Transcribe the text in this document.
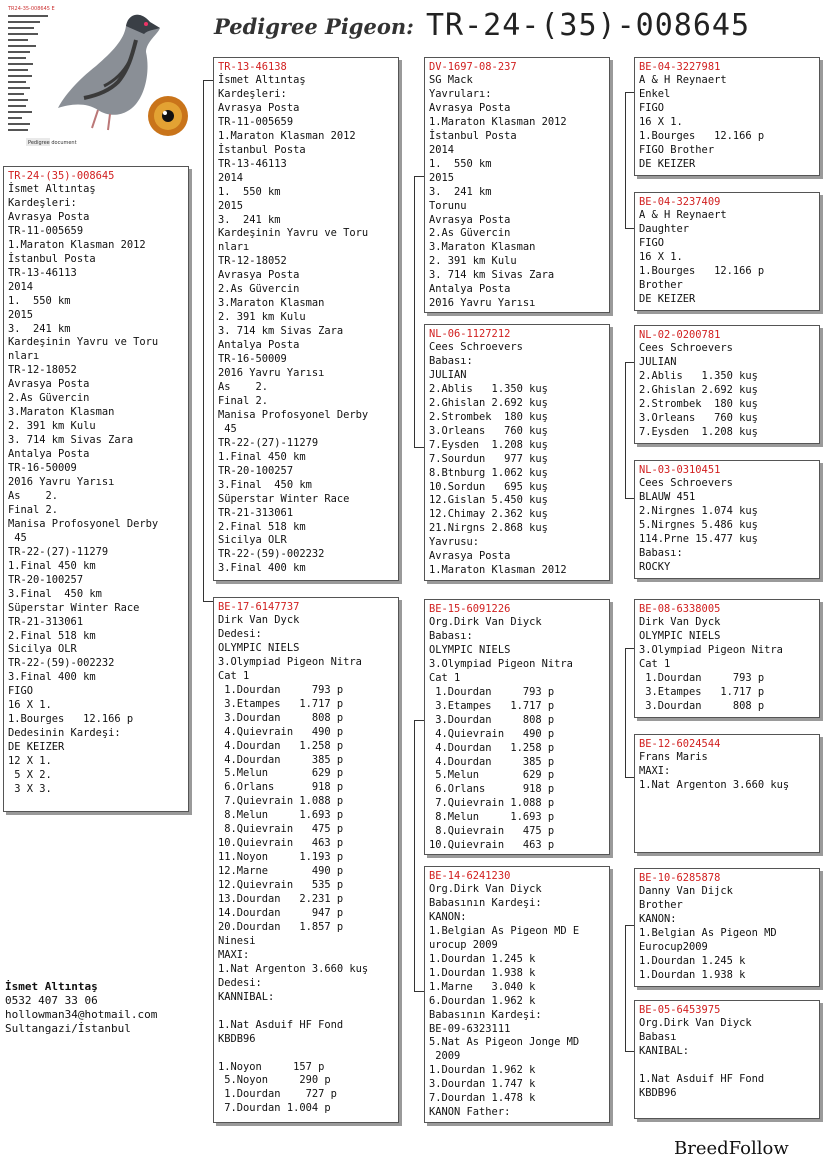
TR24-35-008645 E
Pedigree document
Pedigree Pigeon: TR-24-(35)-008645
TR-24-(35)-008645
İsmet Altıntaş
Kardeşleri:
Avrasya Posta
TR-11-005659
1.Maraton Klasman 2012
İstanbul Posta
TR-13-46113
2014
1.  550 km
2015
3.  241 km
Kardeşinin Yavru ve Toru
nları
TR-12-18052
Avrasya Posta
2.As Güvercin
3.Maraton Klasman
2. 391 km Kulu
3. 714 km Sivas Zara
Antalya Posta
TR-16-50009
2016 Yavru Yarısı
As    2.
Final 2.
Manisa Profosyonel Derby
45
TR-22-(27)-11279
1.Final 450 km
TR-20-100257
3.Final  450 km
Süperstar Winter Race
TR-21-313061
2.Final 518 km
Sicilya OLR
TR-22-(59)-002232
3.Final 400 km
FIGO
16 X 1.
1.Bourges   12.166 p
Dedesinin Kardeşi:
DE KEIZER
12 X 1.
5 X 2.
3 X 3.
TR-13-46138
İsmet Altıntaş
Kardeşleri:
Avrasya Posta
TR-11-005659
1.Maraton Klasman 2012
İstanbul Posta
TR-13-46113
2014
1.  550 km
2015
3.  241 km
Kardeşinin Yavru ve Toru
nları
TR-12-18052
Avrasya Posta
2.As Güvercin
3.Maraton Klasman
2. 391 km Kulu
3. 714 km Sivas Zara
Antalya Posta
TR-16-50009
2016 Yavru Yarısı
As    2.
Final 2.
Manisa Profosyonel Derby
45
TR-22-(27)-11279
1.Final 450 km
TR-20-100257
3.Final  450 km
Süperstar Winter Race
TR-21-313061
2.Final 518 km
Sicilya OLR
TR-22-(59)-002232
3.Final 400 km
BE-17-6147737
Dirk Van Dyck
Dedesi:
OLYMPIC NIELS
3.Olympiad Pigeon Nitra
Cat 1
1.Dourdan     793 p
3.Etampes   1.717 p
3.Dourdan     808 p
4.Quievrain   490 p
4.Dourdan   1.258 p
4.Dourdan     385 p
5.Melun       629 p
6.Orlans      918 p
7.Quievrain 1.088 p
8.Melun     1.693 p
8.Quievrain   475 p
10.Quievrain   463 p
11.Noyon     1.193 p
12.Marne       490 p
12.Quievrain   535 p
13.Dourdan   2.231 p
14.Dourdan     947 p
20.Dourdan   1.857 p
Ninesi
MAXI:
1.Nat Argenton 3.660 kuş
Dedesi:
KANNIBAL:

1.Nat Asduif HF Fond
KBDB96

1.Noyon     157 p
5.Noyon     290 p
1.Dourdan    727 p
7.Dourdan 1.004 p
DV-1697-08-237
SG Mack
Yavruları:
Avrasya Posta
1.Maraton Klasman 2012
İstanbul Posta
2014
1.  550 km
2015
3.  241 km
Torunu
Avrasya Posta
2.As Güvercin
3.Maraton Klasman
2. 391 km Kulu
3. 714 km Sivas Zara
Antalya Posta
2016 Yavru Yarısı
NL-06-1127212
Cees Schroevers
Babası:
JULIAN
2.Ablis   1.350 kuş
2.Ghislan 2.692 kuş
2.Strombek  180 kuş
3.Orleans   760 kuş
7.Eysden  1.208 kuş
7.Sourdun   977 kuş
8.Btnburg 1.062 kuş
10.Sordun   695 kuş
12.Gislan 5.450 kuş
12.Chimay 2.362 kuş
21.Nirgns 2.868 kuş
Yavrusu:
Avrasya Posta
1.Maraton Klasman 2012
BE-15-6091226
Org.Dirk Van Diyck
Babası:
OLYMPIC NIELS
3.Olympiad Pigeon Nitra
Cat 1
1.Dourdan     793 p
3.Etampes   1.717 p
3.Dourdan     808 p
4.Quievrain   490 p
4.Dourdan   1.258 p
4.Dourdan     385 p
5.Melun       629 p
6.Orlans      918 p
7.Quievrain 1.088 p
8.Melun     1.693 p
8.Quievrain   475 p
10.Quievrain   463 p
BE-14-6241230
Org.Dirk Van Diyck
Babasının Kardeşi:
KANON:
1.Belgian As Pigeon MD E
urocup 2009
1.Dourdan 1.245 k
1.Dourdan 1.938 k
1.Marne   3.040 k
6.Dourdan 1.962 k
Babasının Kardeşi:
BE-09-6323111
5.Nat As Pigeon Jonge MD
2009
1.Dourdan 1.962 k
3.Dourdan 1.747 k
7.Dourdan 1.478 k
KANON Father:
BE-04-3227981
A & H Reynaert
Enkel
FIGO
16 X 1.
1.Bourges   12.166 p
FIGO Brother
DE KEIZER
BE-04-3237409
A & H Reynaert
Daughter
FIGO
16 X 1.
1.Bourges   12.166 p
Brother
DE KEIZER
NL-02-0200781
Cees Schroevers
JULIAN
2.Ablis   1.350 kuş
2.Ghislan 2.692 kuş
2.Strombek  180 kuş
3.Orleans   760 kuş
7.Eysden  1.208 kuş
NL-03-0310451
Cees Schroevers
BLAUW 451
2.Nirgnes 1.074 kuş
5.Nirgnes 5.486 kuş
114.Prne 15.477 kuş
Babası:
ROCKY
BE-08-6338005
Dirk Van Dyck
OLYMPIC NIELS
3.Olympiad Pigeon Nitra
Cat 1
1.Dourdan     793 p
3.Etampes   1.717 p
3.Dourdan     808 p
BE-12-6024544
Frans Maris
MAXI:
1.Nat Argenton 3.660 kuş
BE-10-6285878
Danny Van Dijck
Brother
KANON:
1.Belgian As Pigeon MD
Eurocup2009
1.Dourdan 1.245 k
1.Dourdan 1.938 k
BE-05-6453975
Org.Dirk Van Diyck
Babası
KANIBAL:

1.Nat Asduif HF Fond
KBDB96
İsmet Altıntaş
0532 407 33 06
hollowman34@hotmail.com
Sultangazi/İstanbul
BreedFollow
